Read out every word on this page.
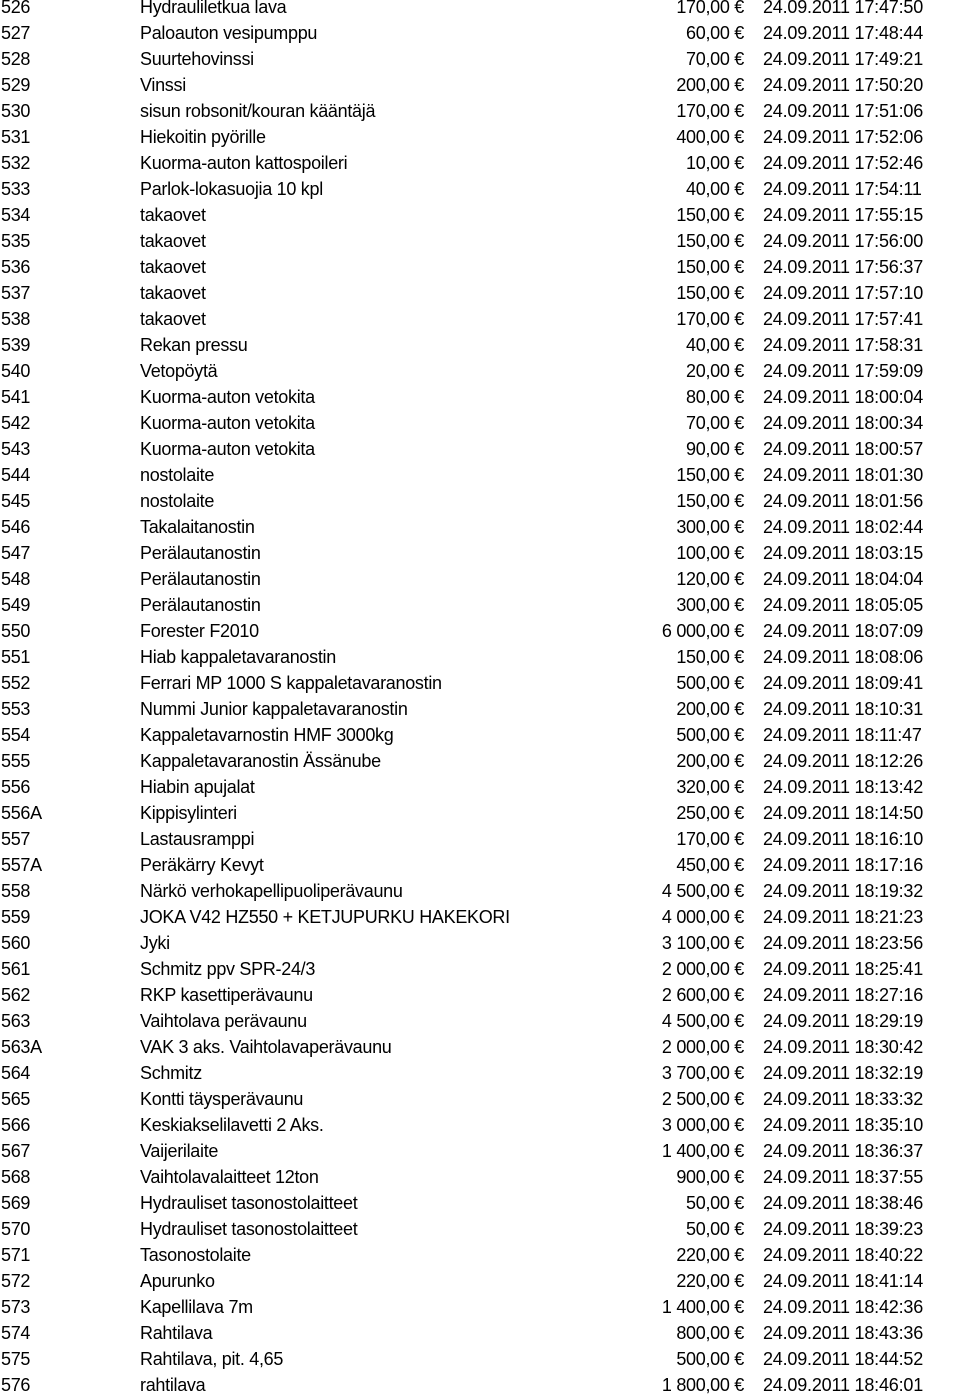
526	Hydrauliletkua lava	170,00 € 24.09.2011 17:47:50
527	Paloauton vesipumppu	60,00 € 24.09.2011 17:48:44
528	Suurtehovinssi	70,00 € 24.09.2011 17:49:21
529	Vinssi	200,00 € 24.09.2011 17:50:20
530	sisun robsonit/kouran kääntäjä	170,00 € 24.09.2011 17:51:06
531	Hiekoitin pyörille	400,00 € 24.09.2011 17:52:06
532	Kuorma-auton kattospoileri	10,00 € 24.09.2011 17:52:46
533	Parlok-lokasuojia 10 kpl	40,00 € 24.09.2011 17:54:11
534	takaovet	150,00 € 24.09.2011 17:55:15
535	takaovet	150,00 € 24.09.2011 17:56:00
536	takaovet	150,00 € 24.09.2011 17:56:37
537	takaovet	150,00 € 24.09.2011 17:57:10
538	takaovet	170,00 € 24.09.2011 17:57:41
539	Rekan pressu	40,00 € 24.09.2011 17:58:31
540	Vetopöytä	20,00 € 24.09.2011 17:59:09
541	Kuorma-auton vetokita	80,00 € 24.09.2011 18:00:04
542	Kuorma-auton vetokita	70,00 € 24.09.2011 18:00:34
543	Kuorma-auton vetokita	90,00 € 24.09.2011 18:00:57
544	nostolaite	150,00 € 24.09.2011 18:01:30
545	nostolaite	150,00 € 24.09.2011 18:01:56
546	Takalaitanostin	300,00 € 24.09.2011 18:02:44
547	Perälautanostin	100,00 € 24.09.2011 18:03:15
548	Perälautanostin	120,00 € 24.09.2011 18:04:04
549	Perälautanostin	300,00 € 24.09.2011 18:05:05
550	Forester F2010	6 000,00 € 24.09.2011 18:07:09
551	Hiab kappaletavaranostin	150,00 € 24.09.2011 18:08:06
552	Ferrari MP 1000 S kappaletavaranostin	500,00 € 24.09.2011 18:09:41
553	Nummi Junior kappaletavaranostin	200,00 € 24.09.2011 18:10:31
554	Kappaletavarnostin HMF 3000kg	500,00 € 24.09.2011 18:11:47
555	Kappaletavaranostin Ässänube	200,00 € 24.09.2011 18:12:26
556	Hiabin apujalat	320,00 € 24.09.2011 18:13:42
556A	Kippisylinteri	250,00 € 24.09.2011 18:14:50
557	Lastausramppi	170,00 € 24.09.2011 18:16:10
557A	Peräkärry Kevyt	450,00 € 24.09.2011 18:17:16
558	Närkö verhokapellipuoliperävaunu	4 500,00 € 24.09.2011 18:19:32
559	JOKA V42 HZ550 + KETJUPURKU HAKEKORI	4 000,00 € 24.09.2011 18:21:23
560	Jyki	3 100,00 € 24.09.2011 18:23:56
561	Schmitz ppv SPR-24/3	2 000,00 € 24.09.2011 18:25:41
562	RKP kasettiperävaunu	2 600,00 € 24.09.2011 18:27:16
563	Vaihtolava perävaunu	4 500,00 € 24.09.2011 18:29:19
563A	VAK 3 aks. Vaihtolavaperävaunu	2 000,00 € 24.09.2011 18:30:42
564	Schmitz	3 700,00 € 24.09.2011 18:32:19
565	Kontti täysperävaunu	2 500,00 € 24.09.2011 18:33:32
566	Keskiakselilavetti 2 Aks.	3 000,00 € 24.09.2011 18:35:10
567	Vaijerilaite	1 400,00 € 24.09.2011 18:36:37
568	Vaihtolavalaitteet 12ton	900,00 € 24.09.2011 18:37:55
569	Hydrauliset tasonostolaitteet	50,00 € 24.09.2011 18:38:46
570	Hydrauliset tasonostolaitteet	50,00 € 24.09.2011 18:39:23
571	Tasonostolaite	220,00 € 24.09.2011 18:40:22
572	Apurunko	220,00 € 24.09.2011 18:41:14
573	Kapellilava 7m	1 400,00 € 24.09.2011 18:42:36
574	Rahtilava	800,00 € 24.09.2011 18:43:36
575	Rahtilava, pit. 4,65	500,00 € 24.09.2011 18:44:52
576	rahtilava	1 800,00 € 24.09.2011 18:46:01
